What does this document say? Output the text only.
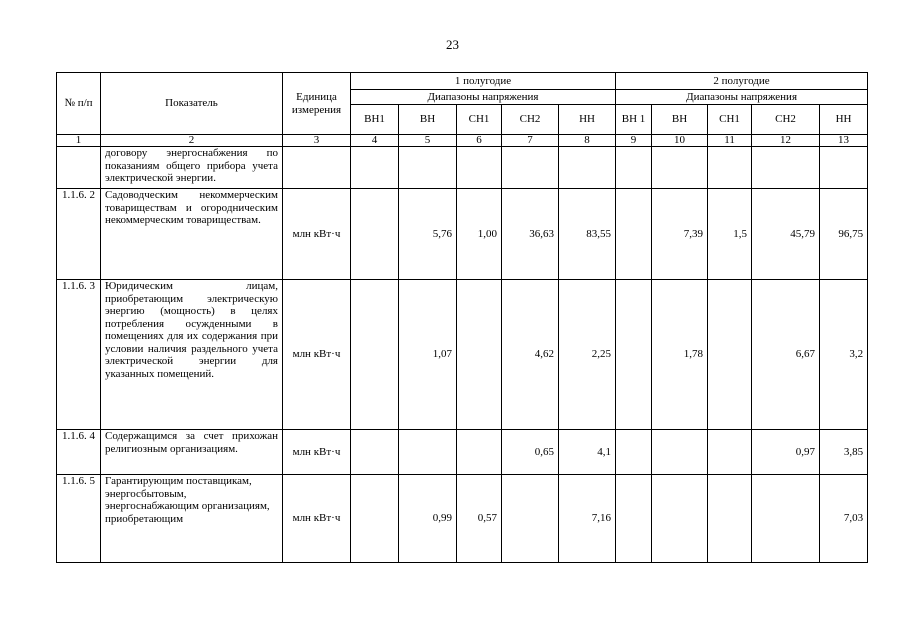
23
№ п/п	Показатель	Единица измерения	1 полугодие					2 полугодие				
			Диапазоны напряжения					Диапазоны напряжения				
			ВН1	ВН	СН1	СН2	НН	ВН 1	ВН	СН1	СН2	НН
1	2	3	4	5	6	7	8	9	10	11	12	13
	договору энергоснабжения по показаниям общего прибора учета электрической энергии.											
1.1.6. 2	Садоводческим некоммерческим товариществам и огородническим некоммерческим товариществам.	млн кВт·ч		5,76	1,00	36,63	83,55		7,39	1,5	45,79	96,75
1.1.6. 3	Юридическим лицам, приобретающим электрическую энергию (мощность) в целях потребления осужденными в помещениях для их содержания при условии наличия раздельного учета электрической энергии для указанных помещений.	млн кВт·ч		1,07		4,62	2,25		1,78		6,67	3,2
1.1.6. 4	Содержащимся за счет прихожан религиозным организациям.	млн кВт·ч				0,65	4,1				0,97	3,85
1.1.6. 5	Гарантирующим поставщикам, энергосбытовым, энергоснабжающим организациям, приобретающим	млн кВт·ч		0,99	0,57		7,16					7,03
